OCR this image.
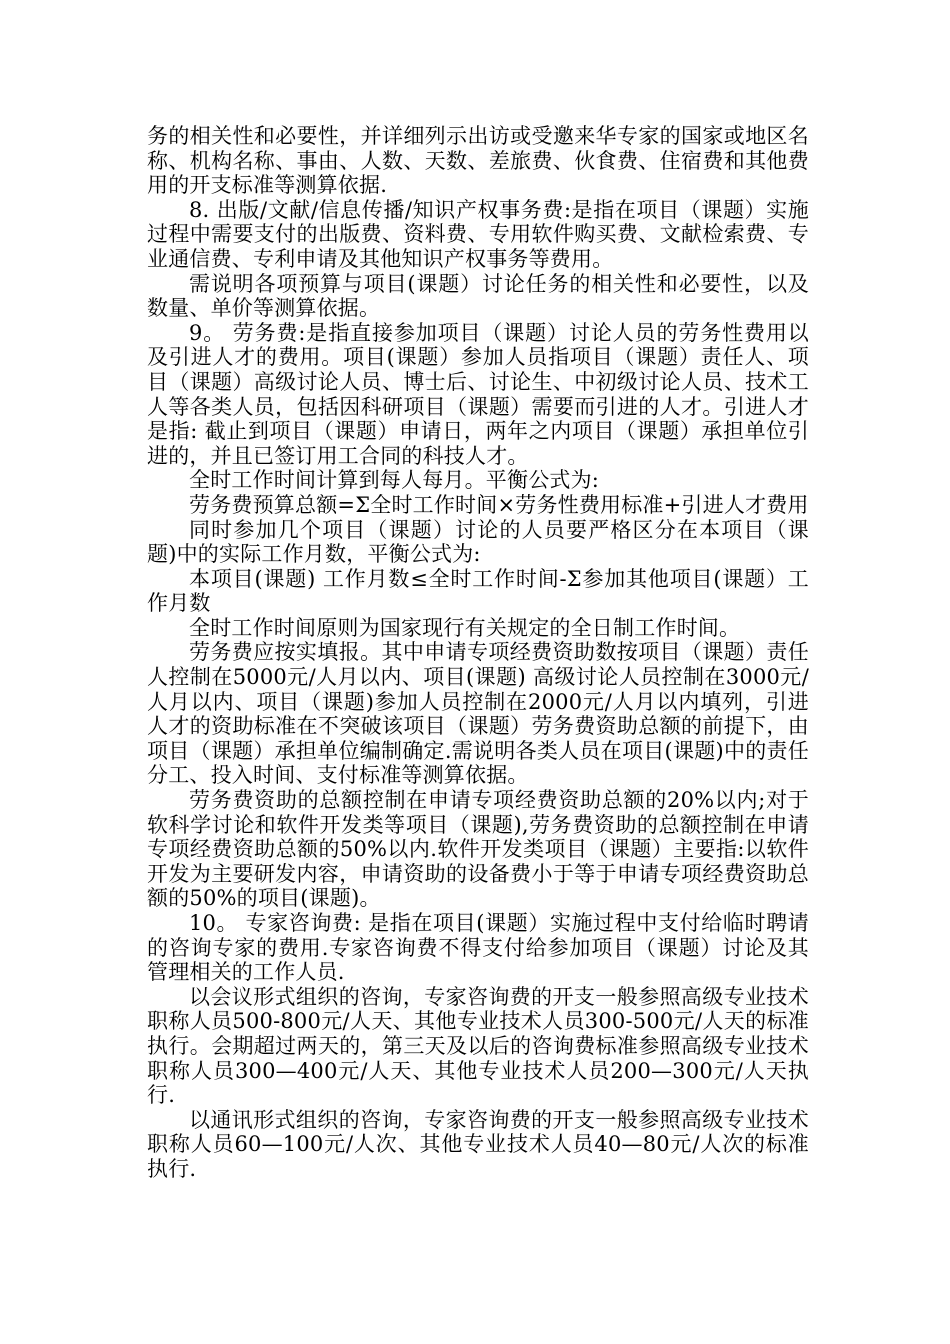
务的相关性和必要性，并详细列示出访或受邀来华专家的国家或地区名称、机构名称、事由、人数、天数、差旅费、伙食费、住宿费和其他费用的开支标准等测算依据.

8. 出版/文献/信息传播/知识产权事务费:是指在项目（课题）实施过程中需要支付的出版费、资料费、专用软件购买费、文献检索费、专业通信费、专利申请及其他知识产权事务等费用。

需说明各项预算与项目(课题）讨论任务的相关性和必要性，以及数量、单价等测算依据。

9。 劳务费:是指直接参加项目（课题）讨论人员的劳务性费用以及引进人才的费用。项目(课题）参加人员指项目（课题）责任人、项目（课题）高级讨论人员、博士后、讨论生、中初级讨论人员、技术工人等各类人员，包括因科研项目（课题）需要而引进的人才。引进人才是指: 截止到项目（课题）申请日，两年之内项目（课题）承担单位引进的，并且已签订用工合同的科技人才。

全时工作时间计算到每人每月。平衡公式为:

劳务费预算总额=Σ全时工作时间×劳务性费用标准+引进人才费用

同时参加几个项目（课题）讨论的人员要严格区分在本项目（课题)中的实际工作月数，平衡公式为:

本项目(课题) 工作月数≤全时工作时间-Σ参加其他项目(课题）工作月数

全时工作时间原则为国家现行有关规定的全日制工作时间。

劳务费应按实填报。其中申请专项经费资助数按项目（课题）责任人控制在5000元/人月以内、项目(课题) 高级讨论人员控制在3000元/人月以内、项目（课题)参加人员控制在2000元/人月以内填列，引进人才的资助标准在不突破该项目（课题）劳务费资助总额的前提下，由项目（课题）承担单位编制确定.需说明各类人员在项目(课题)中的责任分工、投入时间、支付标准等测算依据。

劳务费资助的总额控制在申请专项经费资助总额的20%以内;对于软科学讨论和软件开发类等项目（课题),劳务费资助的总额控制在申请专项经费资助总额的50%以内.软件开发类项目（课题）主要指:以软件开发为主要研发内容，申请资助的设备费小于等于申请专项经费资助总额的50%的项目(课题)。

10。 专家咨询费: 是指在项目(课题）实施过程中支付给临时聘请的咨询专家的费用.专家咨询费不得支付给参加项目（课题）讨论及其管理相关的工作人员.

以会议形式组织的咨询，专家咨询费的开支一般参照高级专业技术职称人员500-800元/人天、其他专业技术人员300-500元/人天的标准执行。会期超过两天的，第三天及以后的咨询费标准参照高级专业技术职称人员300—400元/人天、其他专业技术人员200—300元/人天执行.

以通讯形式组织的咨询，专家咨询费的开支一般参照高级专业技术职称人员60—100元/人次、其他专业技术人员40—80元/人次的标准执行.
